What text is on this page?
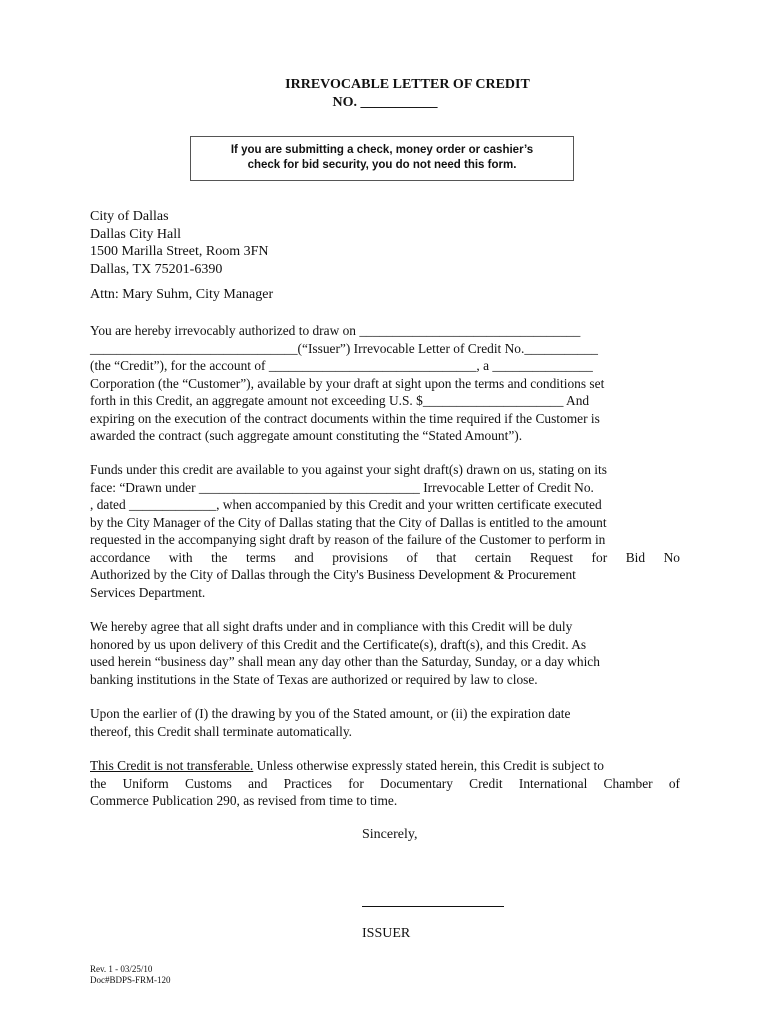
IRREVOCABLE LETTER OF CREDIT
NO. ___________
If you are submitting a check, money order or cashier’s
check for bid security, you do not need this form.
City of Dallas
Dallas City Hall
1500 Marilla Street, Room 3FN
Dallas, TX 75201-6390
Attn: Mary Suhm, City Manager
You are hereby irrevocably authorized to draw on _________________________________
_______________________________(“Issuer”) Irrevocable Letter of Credit No.___________
(the “Credit”), for the account of _______________________________, a _______________
Corporation (the “Customer”), available by your draft at sight upon the terms and conditions set
forth in this Credit, an aggregate amount not exceeding U.S. $_____________________ And
expiring on the execution of the contract documents within the time required if the Customer is
awarded the contract (such aggregate amount constituting the “Stated Amount”).
Funds under this credit are available to you against your sight draft(s) drawn on us, stating on its
face: “Drawn under _________________________________ Irrevocable Letter of Credit No.
, dated _____________, when accompanied by this Credit and your written certificate executed
by the City Manager of the City of Dallas stating that the City of Dallas is entitled to the amount
requested in the accompanying sight draft by reason of the failure of the Customer to perform in
accordance with the terms and provisions of that certain Request for Bid No
Authorized by the City of Dallas through the City's Business Development & Procurement
Services Department.
We hereby agree that all sight drafts under and in compliance with this Credit will be duly
honored by us upon delivery of this Credit and the Certificate(s), draft(s), and this Credit. As
used herein “business day” shall mean any day other than the Saturday, Sunday, or a day which
banking institutions in the State of Texas are authorized or required by law to close.
Upon the earlier of (I) the drawing by you of the Stated amount, or (ii) the expiration date
thereof, this Credit shall terminate automatically.
This Credit is not transferable. Unless otherwise expressly stated herein, this Credit is subject to
the Uniform Customs and Practices for Documentary Credit International Chamber of
Commerce Publication 290, as revised from time to time.
Sincerely,
ISSUER
Rev. 1 - 03/25/10
Doc#BDPS-FRM-120
